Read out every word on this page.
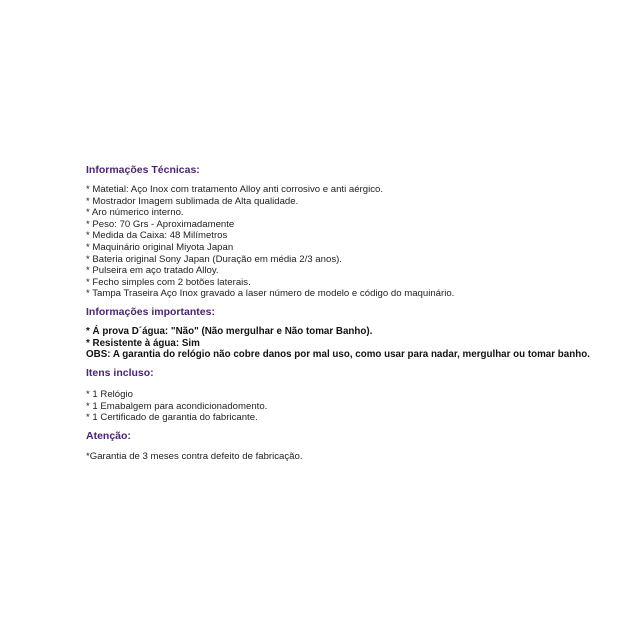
Informações Técnicas:

* Matetial: Aço Inox com tratamento Alloy anti corrosivo e anti aérgico.
* Mostrador Imagem sublimada de Alta qualidade.
* Aro númerico interno.
* Peso: 70 Grs - Aproximadamente
* Medida da Caixa: 48 Milímetros
* Maquinário original Miyota Japan
* Bateria original Sony Japan (Duração em média 2/3 anos).
* Pulseira em aço tratado Alloy.
* Fecho simples com 2 botões laterais.
* Tampa Traseira Aço Inox gravado a laser número de modelo e código do maquinário.

Informações importantes:

* Á prova D´água: "Não" (Não mergulhar e Não tomar Banho).
* Resistente à água: Sim
OBS: A garantia do relógio não cobre danos por mal uso, como usar para nadar, mergulhar ou tomar banho.

Itens incluso:

* 1 Relógio
* 1 Emabalgem para acondicionadomento.
* 1 Certificado de garantia do fabricante.

Atenção:

*Garantia de 3 meses contra defeito de fabricação.
